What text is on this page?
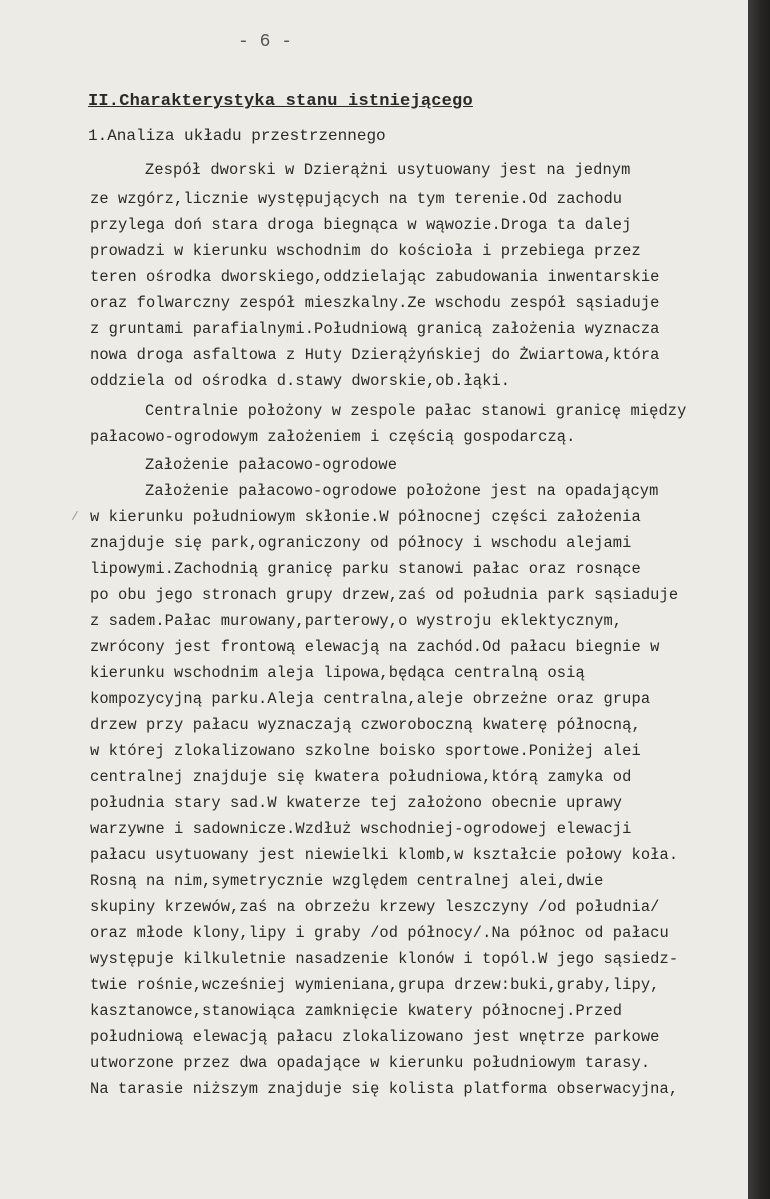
- 6 -
II.Charakterystyka stanu istniejącego
1.Analiza układu przestrzennego
Zespół dworski w Dzierążni usytuowany jest na jednym
ze wzgórz,licznie występujących na tym terenie.Od zachodu
przylega doń stara droga biegnąca w wąwozie.Droga ta dalej
prowadzi w kierunku wschodnim do kościoła i przebiega przez
teren ośrodka dworskiego,oddzielając zabudowania inwentarskie
oraz folwarczny zespół mieszkalny.Ze wschodu zespół sąsiaduje
z gruntami parafialnymi.Południową granicą założenia wyznacza
nowa droga asfaltowa z Huty Dzierążyńskiej do Żwiartowa,która
oddziela od ośrodka d.stawy dworskie,ob.łąki.
Centralnie położony w zespole pałac stanowi granicę między
pałacowo-ogrodowym założeniem i częścią gospodarczą.
Założenie pałacowo-ogrodowe
Założenie pałacowo-ogrodowe położone jest na opadającym
w kierunku południowym skłonie.W północnej części założenia
znajduje się park,ograniczony od północy i wschodu alejami
lipowymi.Zachodnią granicę parku stanowi pałac oraz rosnące
po obu jego stronach grupy drzew,zaś od południa park sąsiaduje
z sadem.Pałac murowany,parterowy,o wystroju eklektycznym,
zwrócony jest frontową elewacją na zachód.Od pałacu biegnie w
kierunku wschodnim aleja lipowa,będąca centralną osią
kompozycyjną parku.Aleja centralna,aleje obrzeżne oraz grupa
drzew przy pałacu wyznaczają czworoboczną kwaterę północną,
w której zlokalizowano szkolne boisko sportowe.Poniżej alei
centralnej znajduje się kwatera południowa,którą zamyka od
południa stary sad.W kwaterze tej założono obecnie uprawy
warzywne i sadownicze.Wzdłuż wschodniej-ogrodowej elewacji
pałacu usytuowany jest niewielki klomb,w kształcie połowy koła.
Rosną na nim,symetrycznie względem centralnej alei,dwie
skupiny krzewów,zaś na obrzeżu krzewy leszczyny /od południa/
oraz młode klony,lipy i graby /od północy/.Na północ od pałacu
występuje kilkuletnie nasadzenie klonów i topól.W jego sąsiedz-
twie rośnie,wcześniej wymieniana,grupa drzew:buki,graby,lipy,
kasztanowce,stanowiąca zamknięcie kwatery północnej.Przed
południową elewacją pałacu zlokalizowano jest wnętrze parkowe
utworzone przez dwa opadające w kierunku południowym tarasy.
Na tarasie niższym znajduje się kolista platforma obserwacyjna,
